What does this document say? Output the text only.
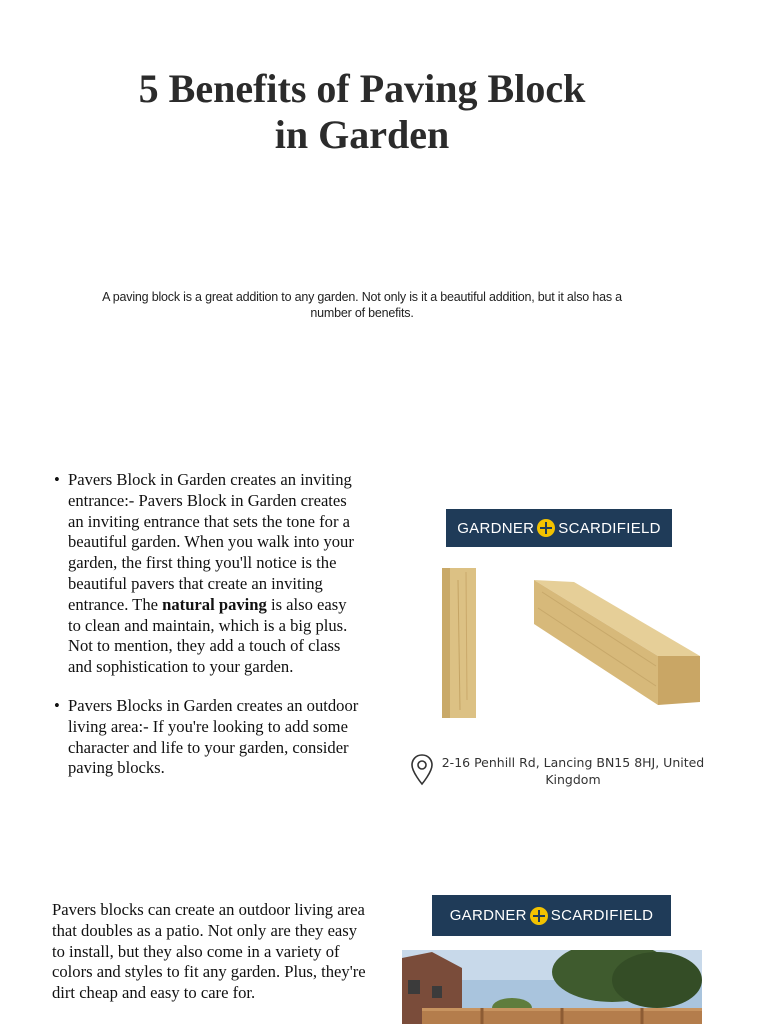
5 Benefits of Paving Block
in Garden
A paving block is a great addition to any garden. Not only is it a beautiful addition, but it also has a number of benefits.
• Pavers Block in Garden creates an inviting entrance:- Pavers Block in Garden creates an inviting entrance that sets the tone for a beautiful garden. When you walk into your garden, the first thing you'll notice is the beautiful pavers that create an inviting entrance. The natural paving is also easy to clean and maintain, which is a big plus. Not to mention, they add a touch of class and sophistication to your garden.
• Pavers Blocks in Garden creates an outdoor living area:- If you're looking to add some character and life to your garden, consider paving blocks.
Pavers blocks can create an outdoor living area that doubles as a patio. Not only are they easy to install, but they also come in a variety of colors and styles to fit any garden. Plus, they're dirt cheap and easy to care for.
GARDNER SCARDIFIELD
2-16 Penhill Rd, Lancing BN15 8HJ, United Kingdom
GARDNER SCARDIFIELD
